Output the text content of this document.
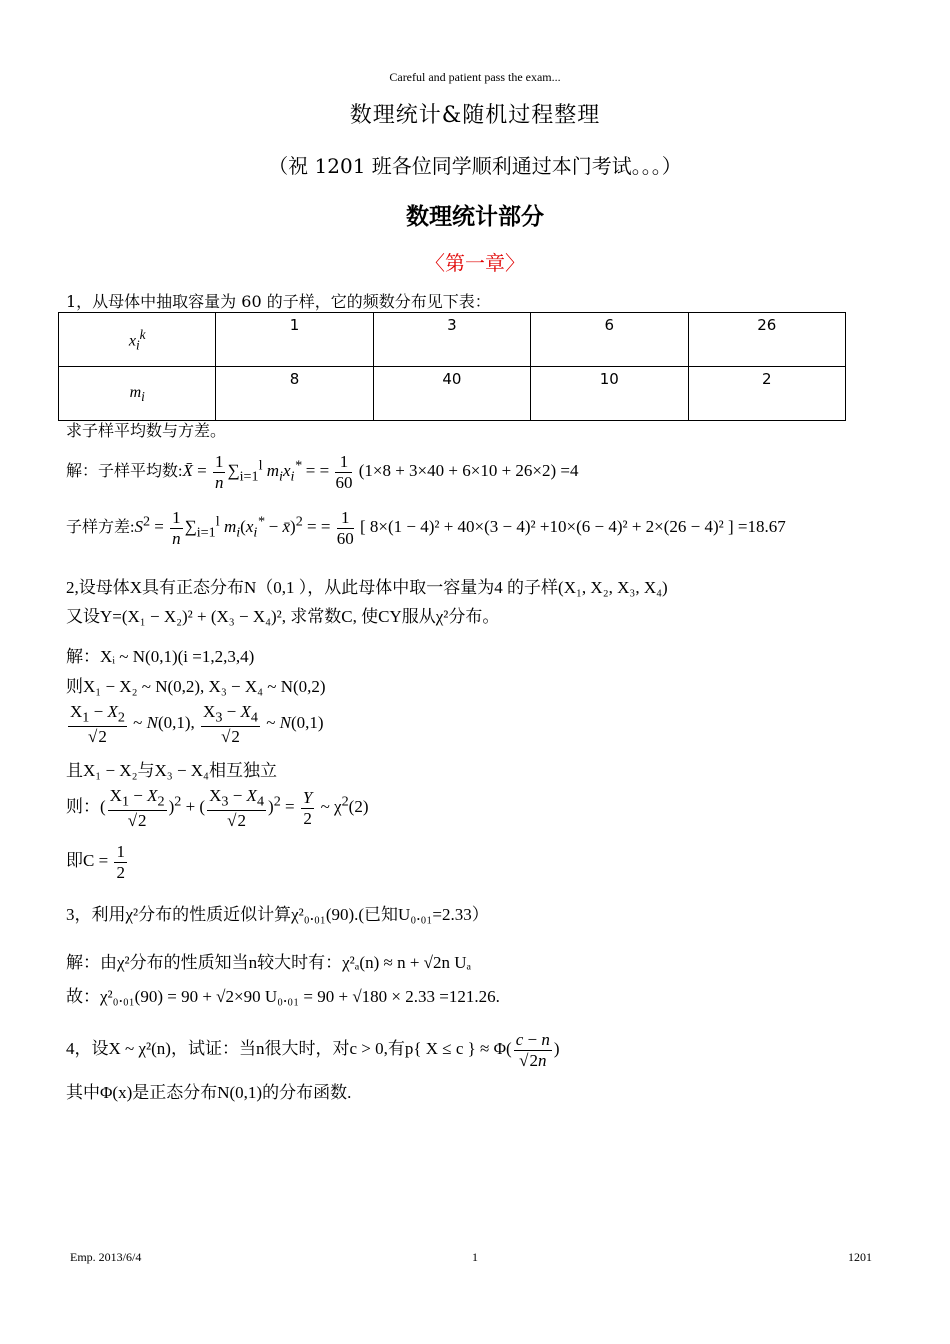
Careful and patient pass the exam...
数理统计&随机过程整理
（祝 1201 班各位同学顺利通过本门考试。。。）
数理统计部分
〈第一章〉
1，从母体中抽取容量为 60 的子样，它的频数分布见下表：
$x_i^k$	1	3	6	26
$m_i$	8	40	10	2
求子样平均数与方差。
解：子样平均数:X̄ = $\frac{1}{n} \sum_{i=1}^l$ $m_ix_i^*$ = = $\frac{1}{60} (1\times 8 + 3\times 40 + 6\times 10 + 26\times 2) =4$
子样方差$:S^2 = \frac{1}{n} \sum_{i=1}^l$ $m_i(x_i^*$ − x̄)$^2$ = = $\frac{1}{60}$ [ 8×(1 − 4)² + 40×(3 − 4)² +10×(6 − 4)² + 2×(26 − 4)² ] =18.67
2,设母体X具有正态分布N（0,1 ），从此母体中取一容量为4 的子样(X₁, X₂, X₃, X₄)
又设Y=(X₁ − X₂)² + (X₃ − X₄)², 求常数C, 使CY服从χ²分布。
解：Xᵢ ~ N(0,1)(i =1,2,3,4)
则X₁ − X₂ ~ N(0,2), X₃ − X₄ ~ N(0,2)
$\frac{X_1 - X_2}{√2}$ ~ N(0,1), $\frac{X_3 - X_4}{√2}$ ~ N(0,1)
且X₁ − X₂与X₃ − X₄相互独立
则：( $\frac{X_1 - X_2}{√2} )^2$ + ( $\frac{X_3 - X_4}{√2} )^2 = \frac{Y}{2}$ ~ $\chi^2(2)$
即$C = \frac{1}{2}$
3，利用χ²分布的性质近似计算χ²₀.₀₁(90).(已知U₀.₀₁=2.33）
解：由χ²分布的性质知当n较大时有：χ²ₐ(n) ≈ n + √2n Uₐ
故：χ²₀.₀₁(90) = 90 + √2×90 U₀.₀₁ = 90 + √180 × 2.33 =121.26.
4，设X ~ χ²(n)，试证：当n很大时，对c > 0,有p{ X ≤ c } ≈ $\Phi( \frac{c - n}{√2n}$ )
其中Φ(x)是正态分布N(0,1)的分布函数.
Emp. 2013/6/4	1	1201
